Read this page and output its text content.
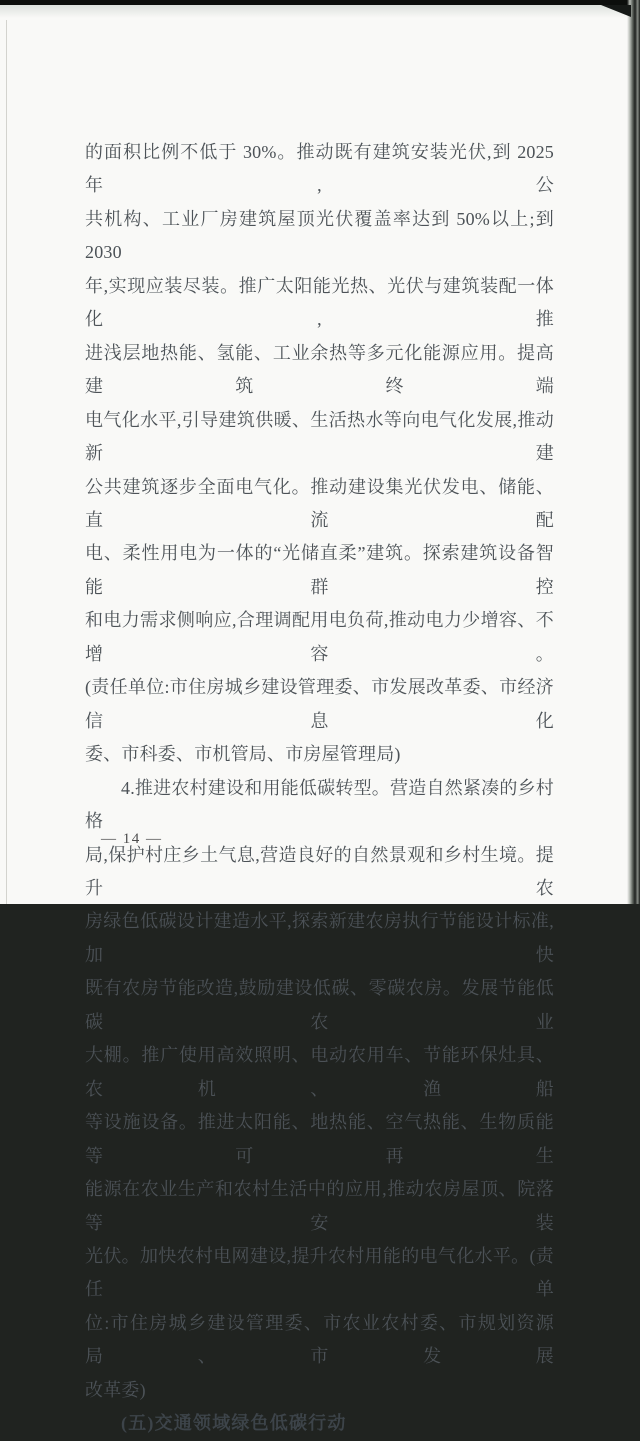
的面积比例不低于 30%。推动既有建筑安装光伏,到 2025 年,公
共机构、工业厂房建筑屋顶光伏覆盖率达到 50%以上;到 2030
年,实现应装尽装。推广太阳能光热、光伏与建筑装配一体化,推
进浅层地热能、氢能、工业余热等多元化能源应用。提高建筑终端
电气化水平,引导建筑供暖、生活热水等向电气化发展,推动新建
公共建筑逐步全面电气化。推动建设集光伏发电、储能、直流配
电、柔性用电为一体的“光储直柔”建筑。探索建筑设备智能群控
和电力需求侧响应,合理调配用电负荷,推动电力少增容、不增容。
(责任单位:市住房城乡建设管理委、市发展改革委、市经济信息化
委、市科委、市机管局、市房屋管理局)
4.推进农村建设和用能低碳转型。营造自然紧凑的乡村格
局,保护村庄乡土气息,营造良好的自然景观和乡村生境。提升农
房绿色低碳设计建造水平,探索新建农房执行节能设计标准,加快
既有农房节能改造,鼓励建设低碳、零碳农房。发展节能低碳农业
大棚。推广使用高效照明、电动农用车、节能环保灶具、农机、渔船
等设施设备。推进太阳能、地热能、空气热能、生物质能等可再生
能源在农业生产和农村生活中的应用,推动农房屋顶、院落等安装
光伏。加快农村电网建设,提升农村用能的电气化水平。(责任单
位:市住房城乡建设管理委、市农业农村委、市规划资源局、市发展
改革委)
(五)交通领域绿色低碳行动
— 14 —
